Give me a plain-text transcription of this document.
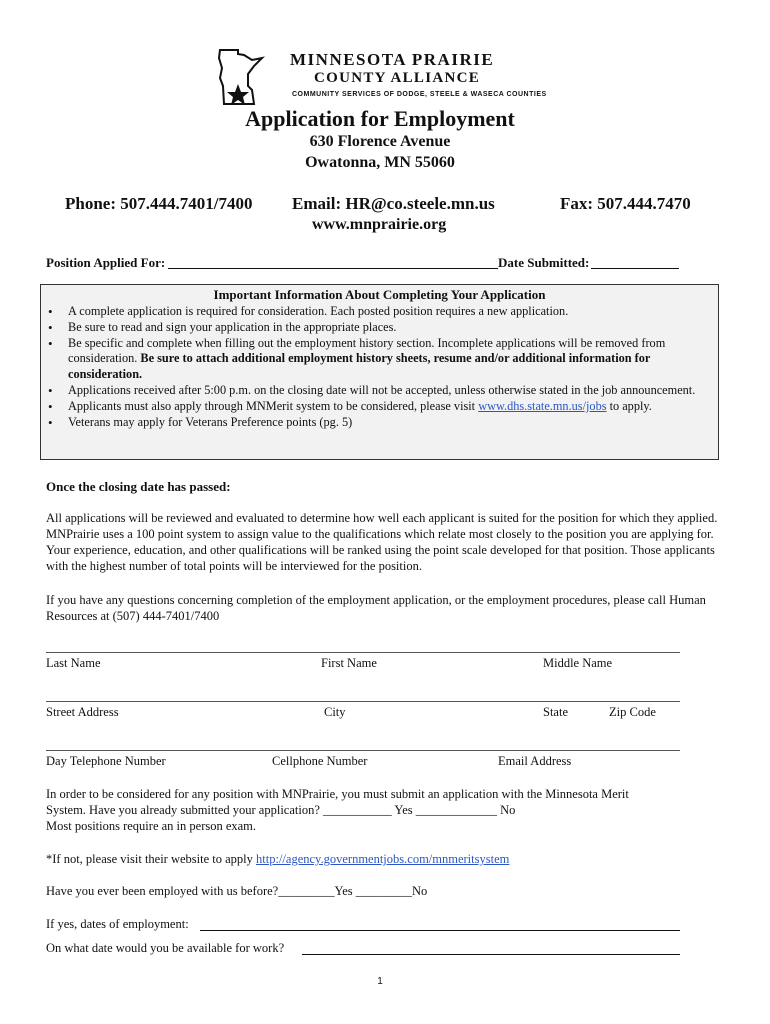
MINNESOTA PRAIRIE
COUNTY ALLIANCE
COMMUNITY SERVICES OF DODGE, STEELE & WASECA COUNTIES
Application for Employment
630 Florence Avenue
Owatonna, MN 55060
Phone: 507.444.7401/7400 Email: HR@co.steele.mn.us	Fax: 507.444.7470
www.mnprairie.org
Position Applied For:	Date Submitted:
Important Information About Completing Your Application
• A complete application is required for consideration. Each posted position requires a new application.
• Be sure to read and sign your application in the appropriate places.
• Be specific and complete when filling out the employment history section. Incomplete applications will be removed from consideration. Be sure to attach additional employment history sheets, resume and/or additional information for consideration.
• Applications received after 5:00 p.m. on the closing date will not be accepted, unless otherwise stated in the job announcement.
• Applicants must also apply through MNMerit system to be considered, please visit www.dhs.state.mn.us/jobs to apply.
• Veterans may apply for Veterans Preference points (pg. 5)
Once the closing date has passed:
All applications will be reviewed and evaluated to determine how well each applicant is suited for the position for which they applied. MNPrairie uses a 100 point system to assign value to the qualifications which relate most closely to the position you are applying for. Your experience, education, and other qualifications will be ranked using the point scale developed for that position. Those applicants with the highest number of total points will be interviewed for the position.
If you have any questions concerning completion of the employment application, or the employment procedures, please call Human Resources at (507) 444-7401/7400
Last Name	First Name	Middle Name
Street Address	City	State	Zip Code
Day Telephone Number	Cellphone Number	Email Address
In order to be considered for any position with MNPrairie, you must submit an application with the Minnesota Merit
System. Have you already submitted your application? ___________ Yes _____________ No
Most positions require an in person exam.
*If not, please visit their website to apply http://agency.governmentjobs.com/mnmeritsystem
Have you ever been employed with us before?_________Yes _________No
If yes, dates of employment:
On what date would you be available for work?
1
